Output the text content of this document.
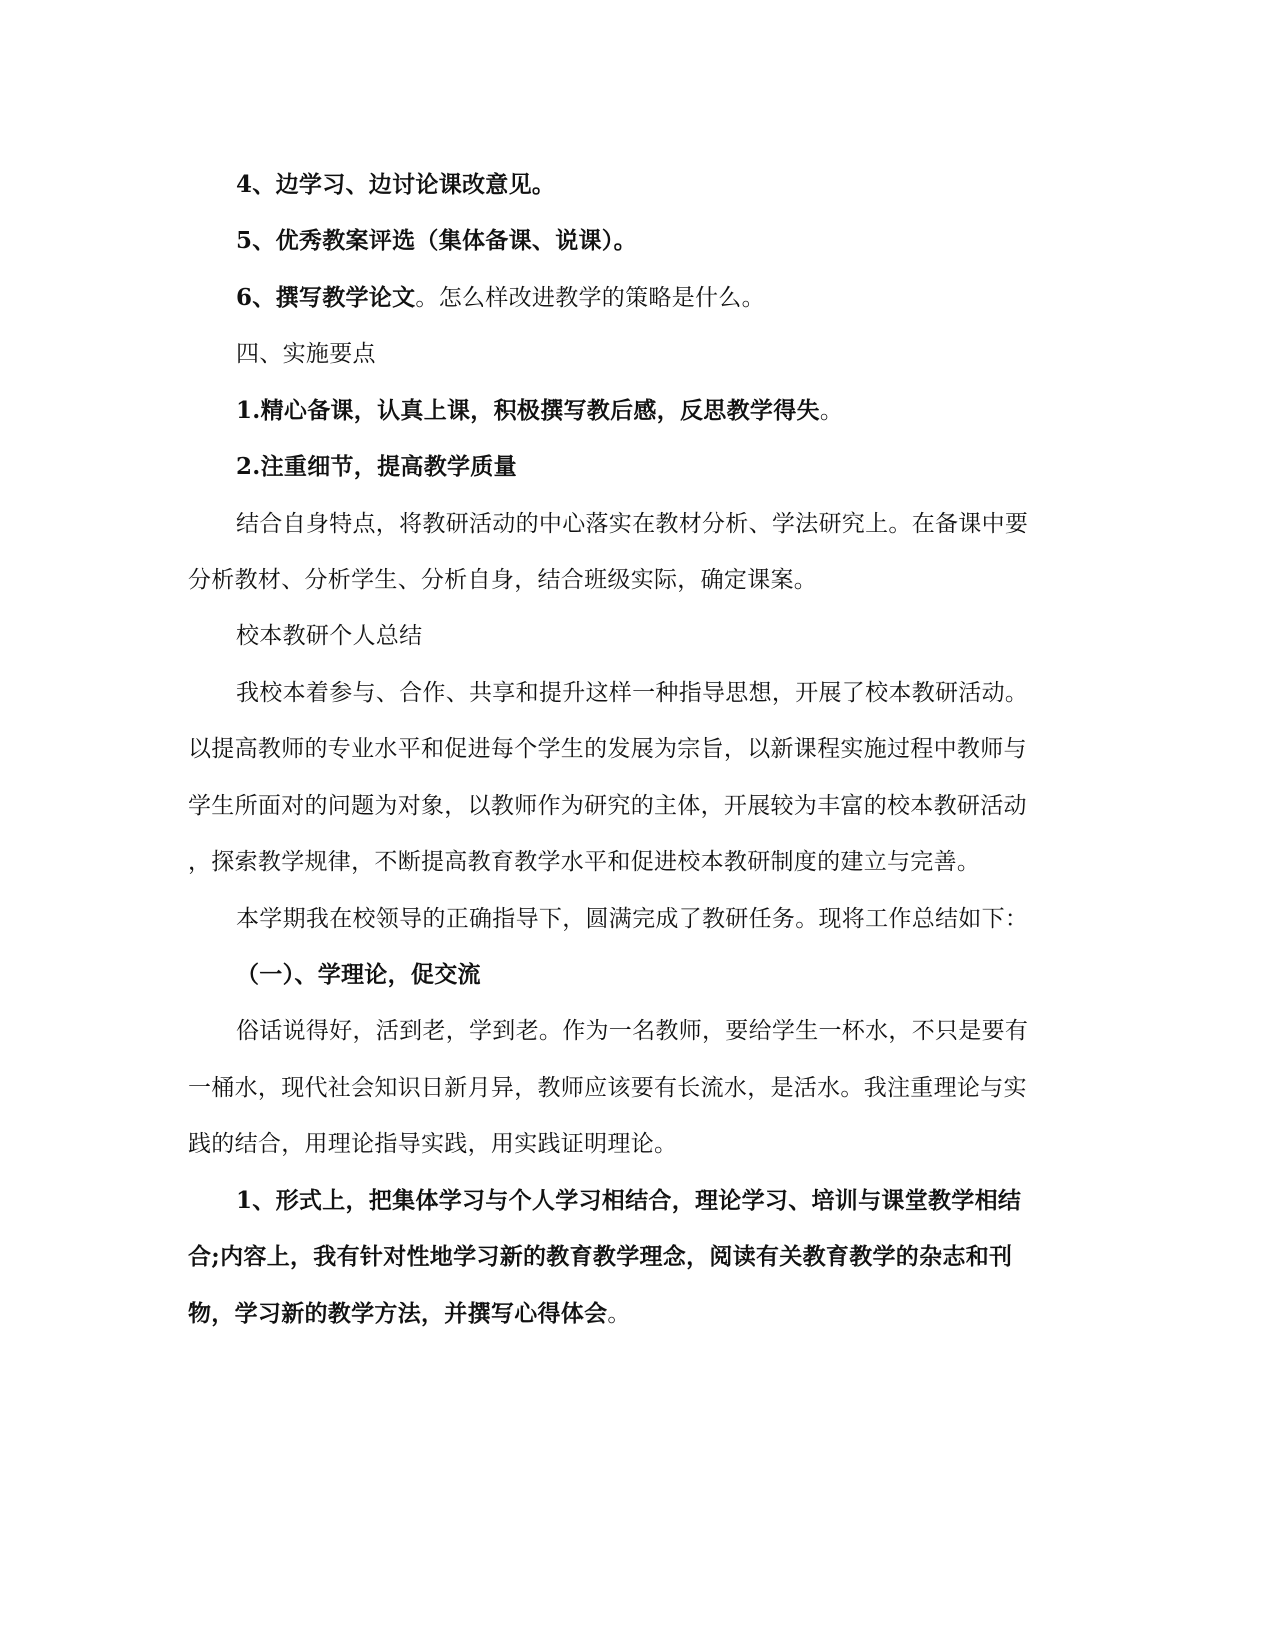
4、边学习、边讨论课改意见。
5、优秀教案评选（集体备课、说课）。
6、撰写教学论文。怎么样改进教学的策略是什么。
四、实施要点
1.精心备课，认真上课，积极撰写教后感，反思教学得失。
2.注重细节，提高教学质量
结合自身特点，将教研活动的中心落实在教材分析、学法研究上。在备课中要
分析教材、分析学生、分析自身，结合班级实际，确定课案。
校本教研个人总结
我校本着参与、合作、共享和提升这样一种指导思想，开展了校本教研活动。
以提高教师的专业水平和促进每个学生的发展为宗旨，以新课程实施过程中教师与
学生所面对的问题为对象，以教师作为研究的主体，开展较为丰富的校本教研活动
，探索教学规律，不断提高教育教学水平和促进校本教研制度的建立与完善。
本学期我在校领导的正确指导下，圆满完成了教研任务。现将工作总结如下：
（一）、学理论，促交流
俗话说得好，活到老，学到老。作为一名教师，要给学生一杯水，不只是要有
一桶水，现代社会知识日新月异，教师应该要有长流水，是活水。我注重理论与实
践的结合，用理论指导实践，用实践证明理论。
1、形式上，把集体学习与个人学习相结合，理论学习、培训与课堂教学相结
合;内容上，我有针对性地学习新的教育教学理念，阅读有关教育教学的杂志和刊
物，学习新的教学方法，并撰写心得体会。
